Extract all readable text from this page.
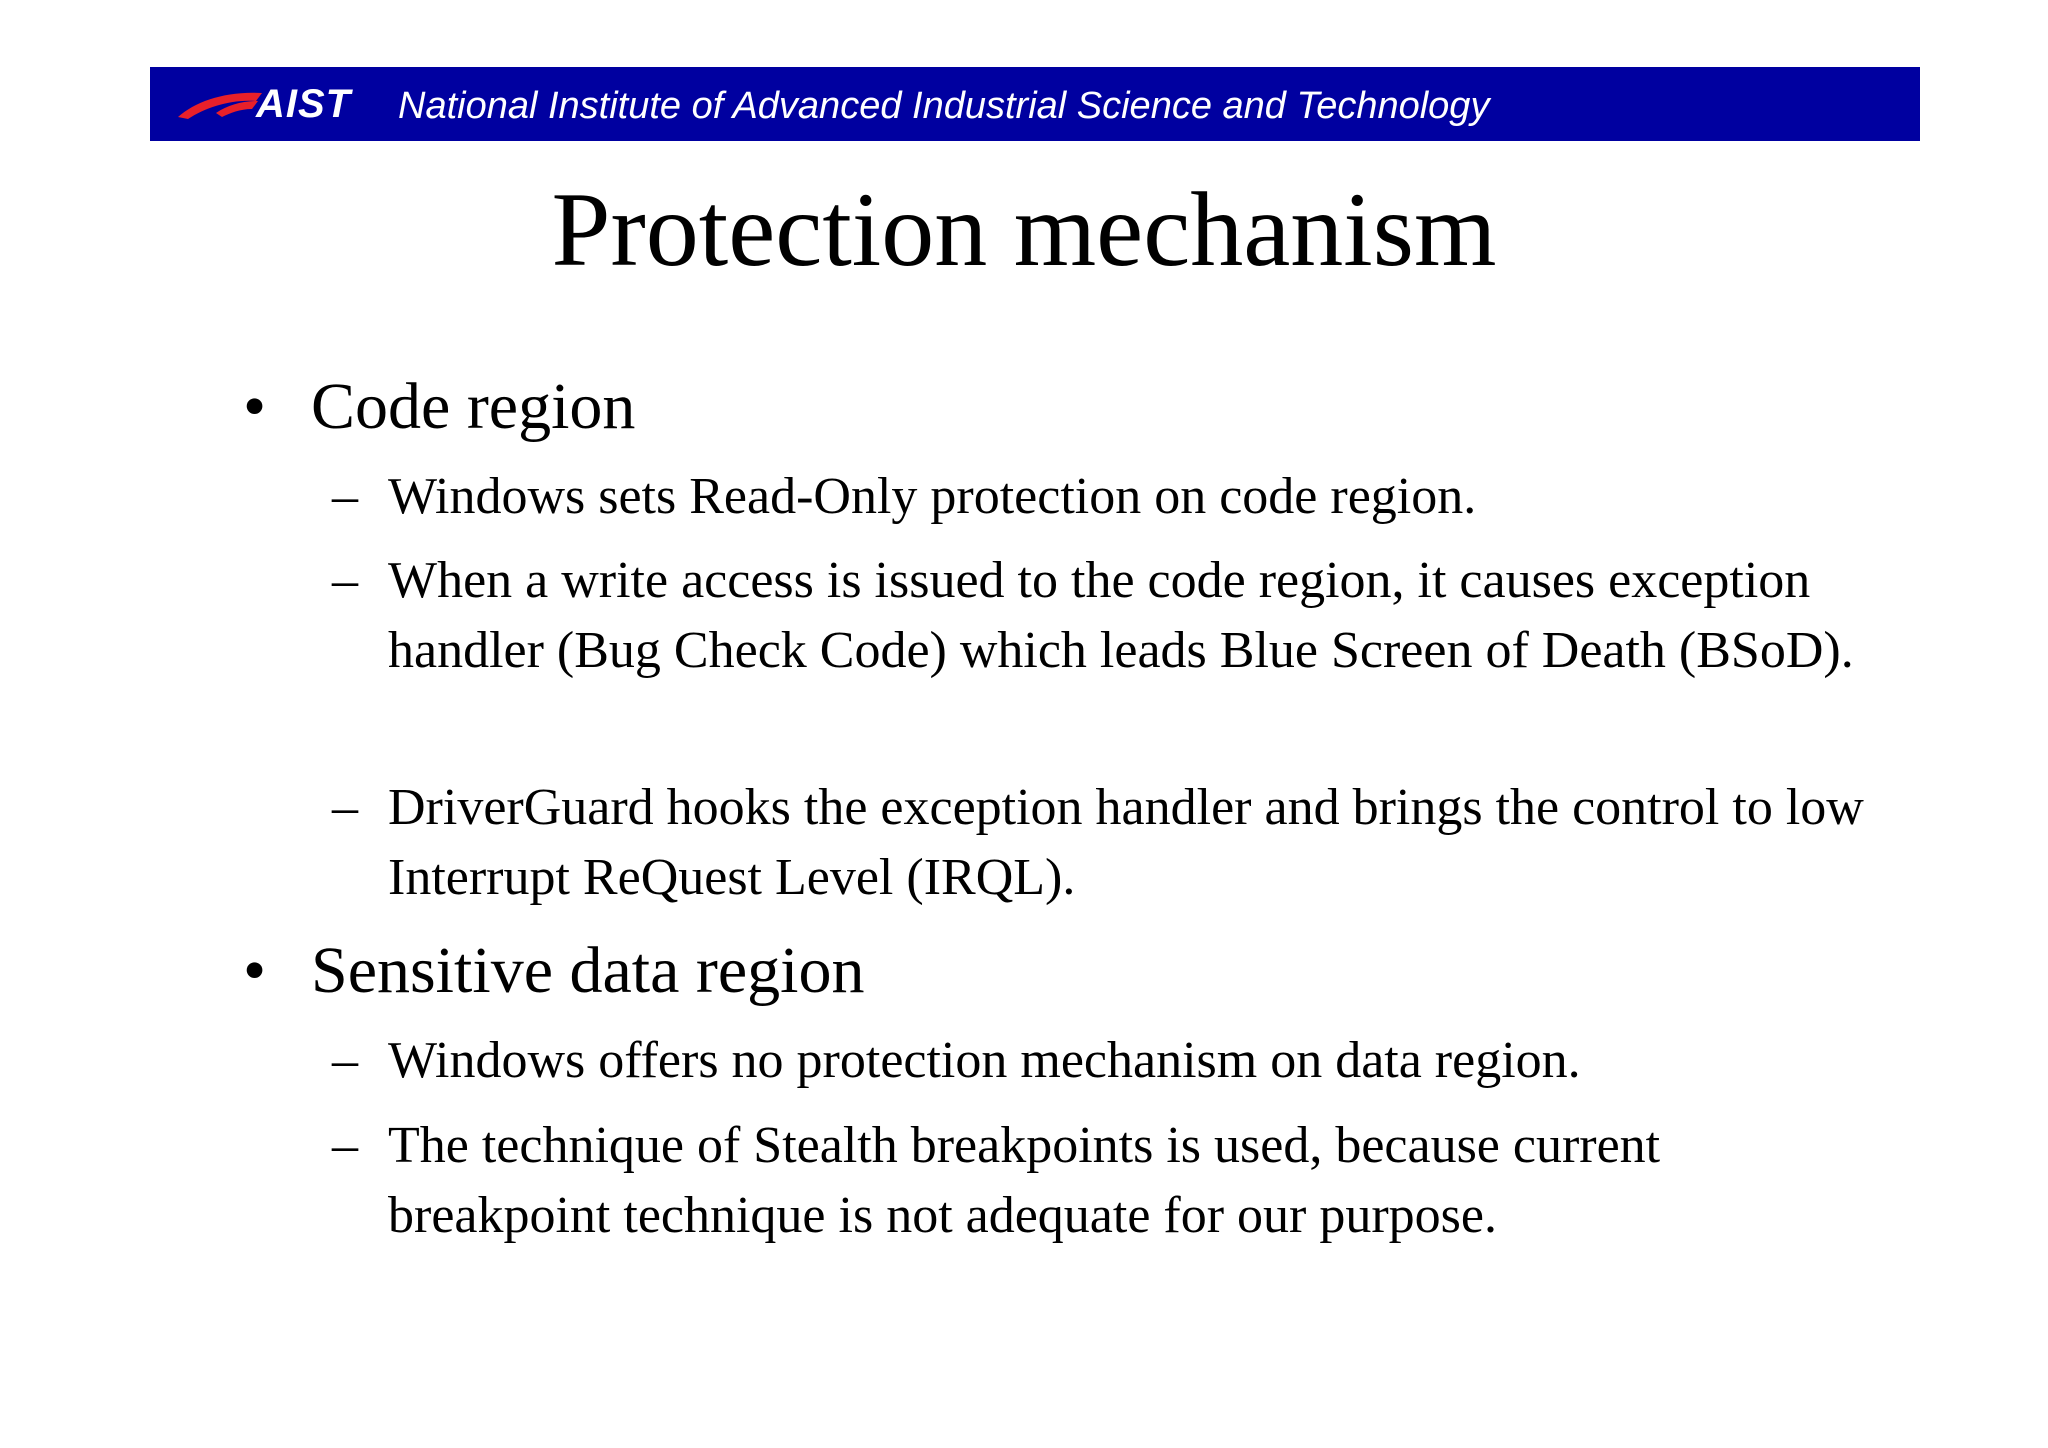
AIST National Institute of Advanced Industrial Science and Technology
Protection mechanism
• Code region
– Windows sets Read-Only protection on code region.
– When a write access is issued to the code region, it causes exception handler (Bug Check Code) which leads Blue Screen of Death (BSoD).
– DriverGuard hooks the exception handler and brings the control to low Interrupt ReQuest Level (IRQL).
• Sensitive data region
– Windows offers no protection mechanism on data region.
– The technique of Stealth breakpoints is used, because current breakpoint technique is not adequate for our purpose.
